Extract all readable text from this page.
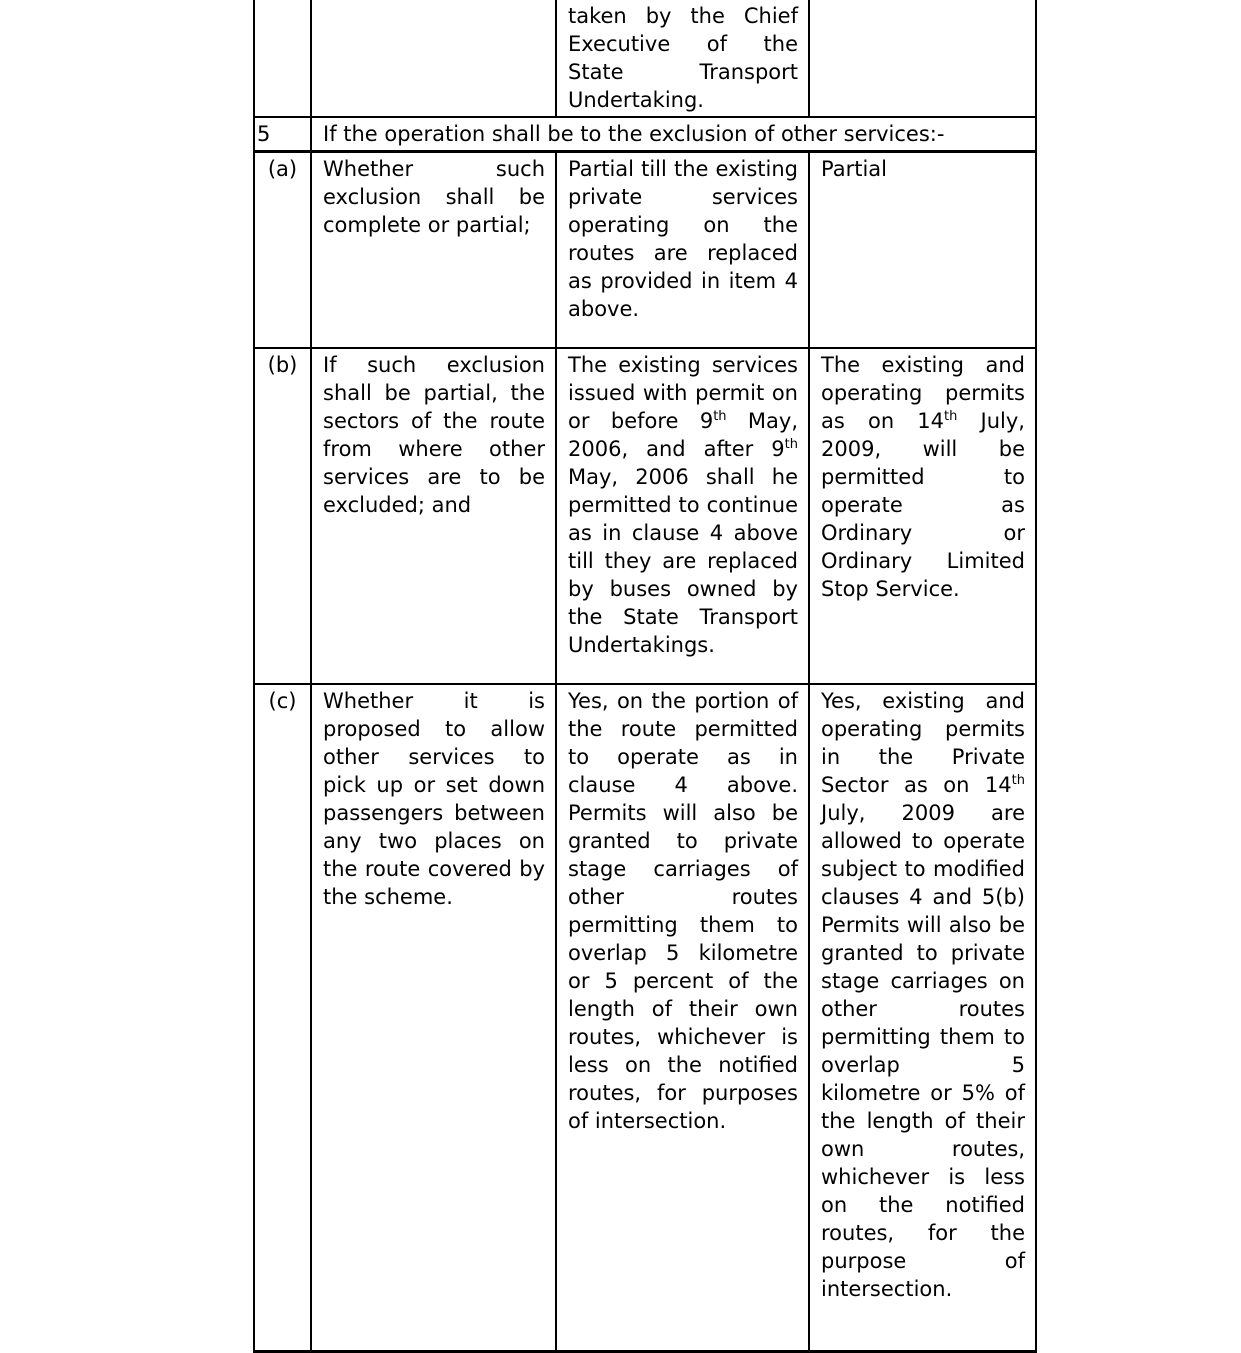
		taken by the Chief Executive of the State Transport Undertaking.	
5	If the operation shall be to the exclusion of other services:-		
(a)	Whether such exclusion shall be complete or partial;	Partial till the existing private services operating on the routes are replaced as provided in item 4 above.	Partial
(b)	If such exclusion shall be partial, the sectors of the route from where other services are to be excluded; and	The existing services issued with permit on or before 9th May, 2006, and after 9th May, 2006 shall he permitted to continue as in clause 4 above till they are replaced by buses owned by the State Transport Undertakings.	The existing and operating permits as on 14th July, 2009, will be permitted to operate as Ordinary or Ordinary Limited Stop Service.
(c)	Whether it is proposed to allow other services to pick up or set down passengers between any two places on the route covered by the scheme.	Yes, on the portion of the route permitted to operate as in clause 4 above. Permits will also be granted to private stage carriages of other routes permitting them to overlap 5 kilometre or 5 percent of the length of their own routes, whichever is less on the notified routes, for purposes of intersection.	Yes, existing and operating permits in the Private Sector as on 14th July, 2009 are allowed to operate subject to modified clauses 4 and 5(b) Permits will also be granted to private stage carriages on other routes permitting them to overlap 5 kilometre or 5% of the length of their own routes, whichever is less on the notified routes, for the purpose of intersection.
